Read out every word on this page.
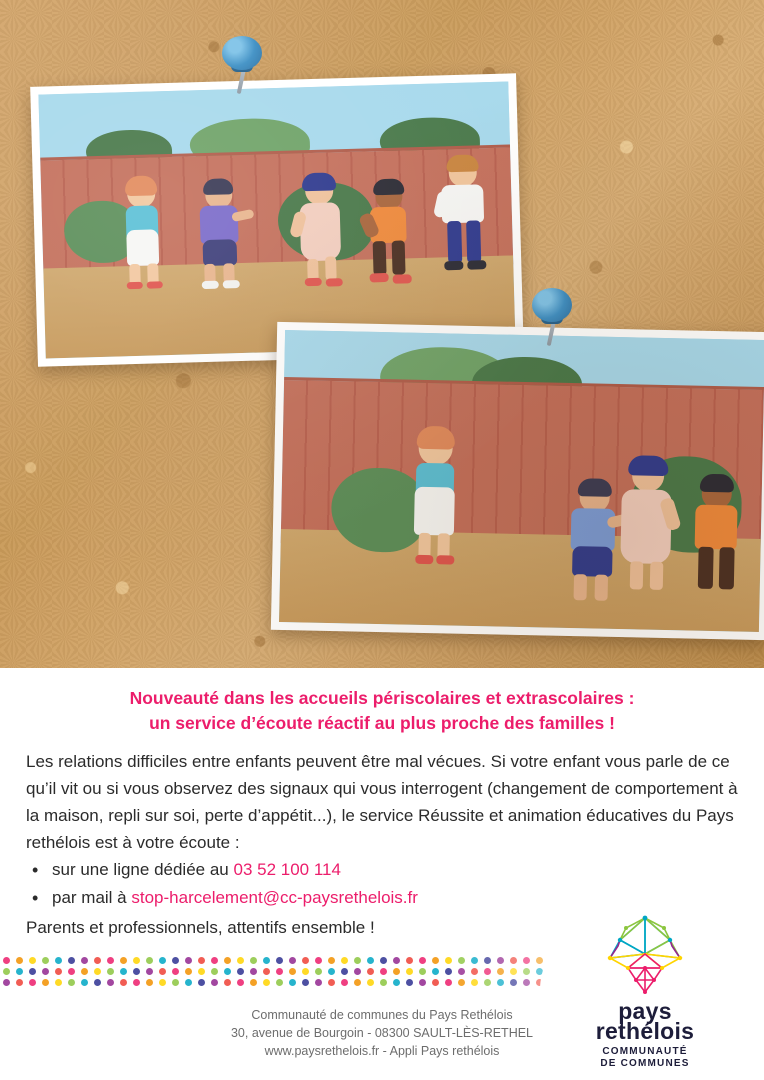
Nouveauté dans les accueils périscolaires et extrascolaires :
un service d’écoute réactif au plus proche des familles !

Les relations difficiles entre enfants peuvent être mal vécues. Si votre enfant vous parle de ce qu’il vit ou si vous observez des signaux qui vous interrogent (changement de comportement à la maison, repli sur soi, perte d’appétit...), le service Réussite et animation éducatives du Pays rethélois est à votre écoute :

• sur une ligne dédiée au 03 52 100 114
• par mail à stop-harcelement@cc-paysrethelois.fr

Parents et professionnels, attentifs ensemble !

Communauté de communes du Pays Rethélois
30, avenue de Bourgoin - 08300 SAULT-LÈS-RETHEL
www.paysrethelois.fr - Appli Pays rethélois
pays
rethélois
COMMUNAUTÉ
DE COMMUNES
